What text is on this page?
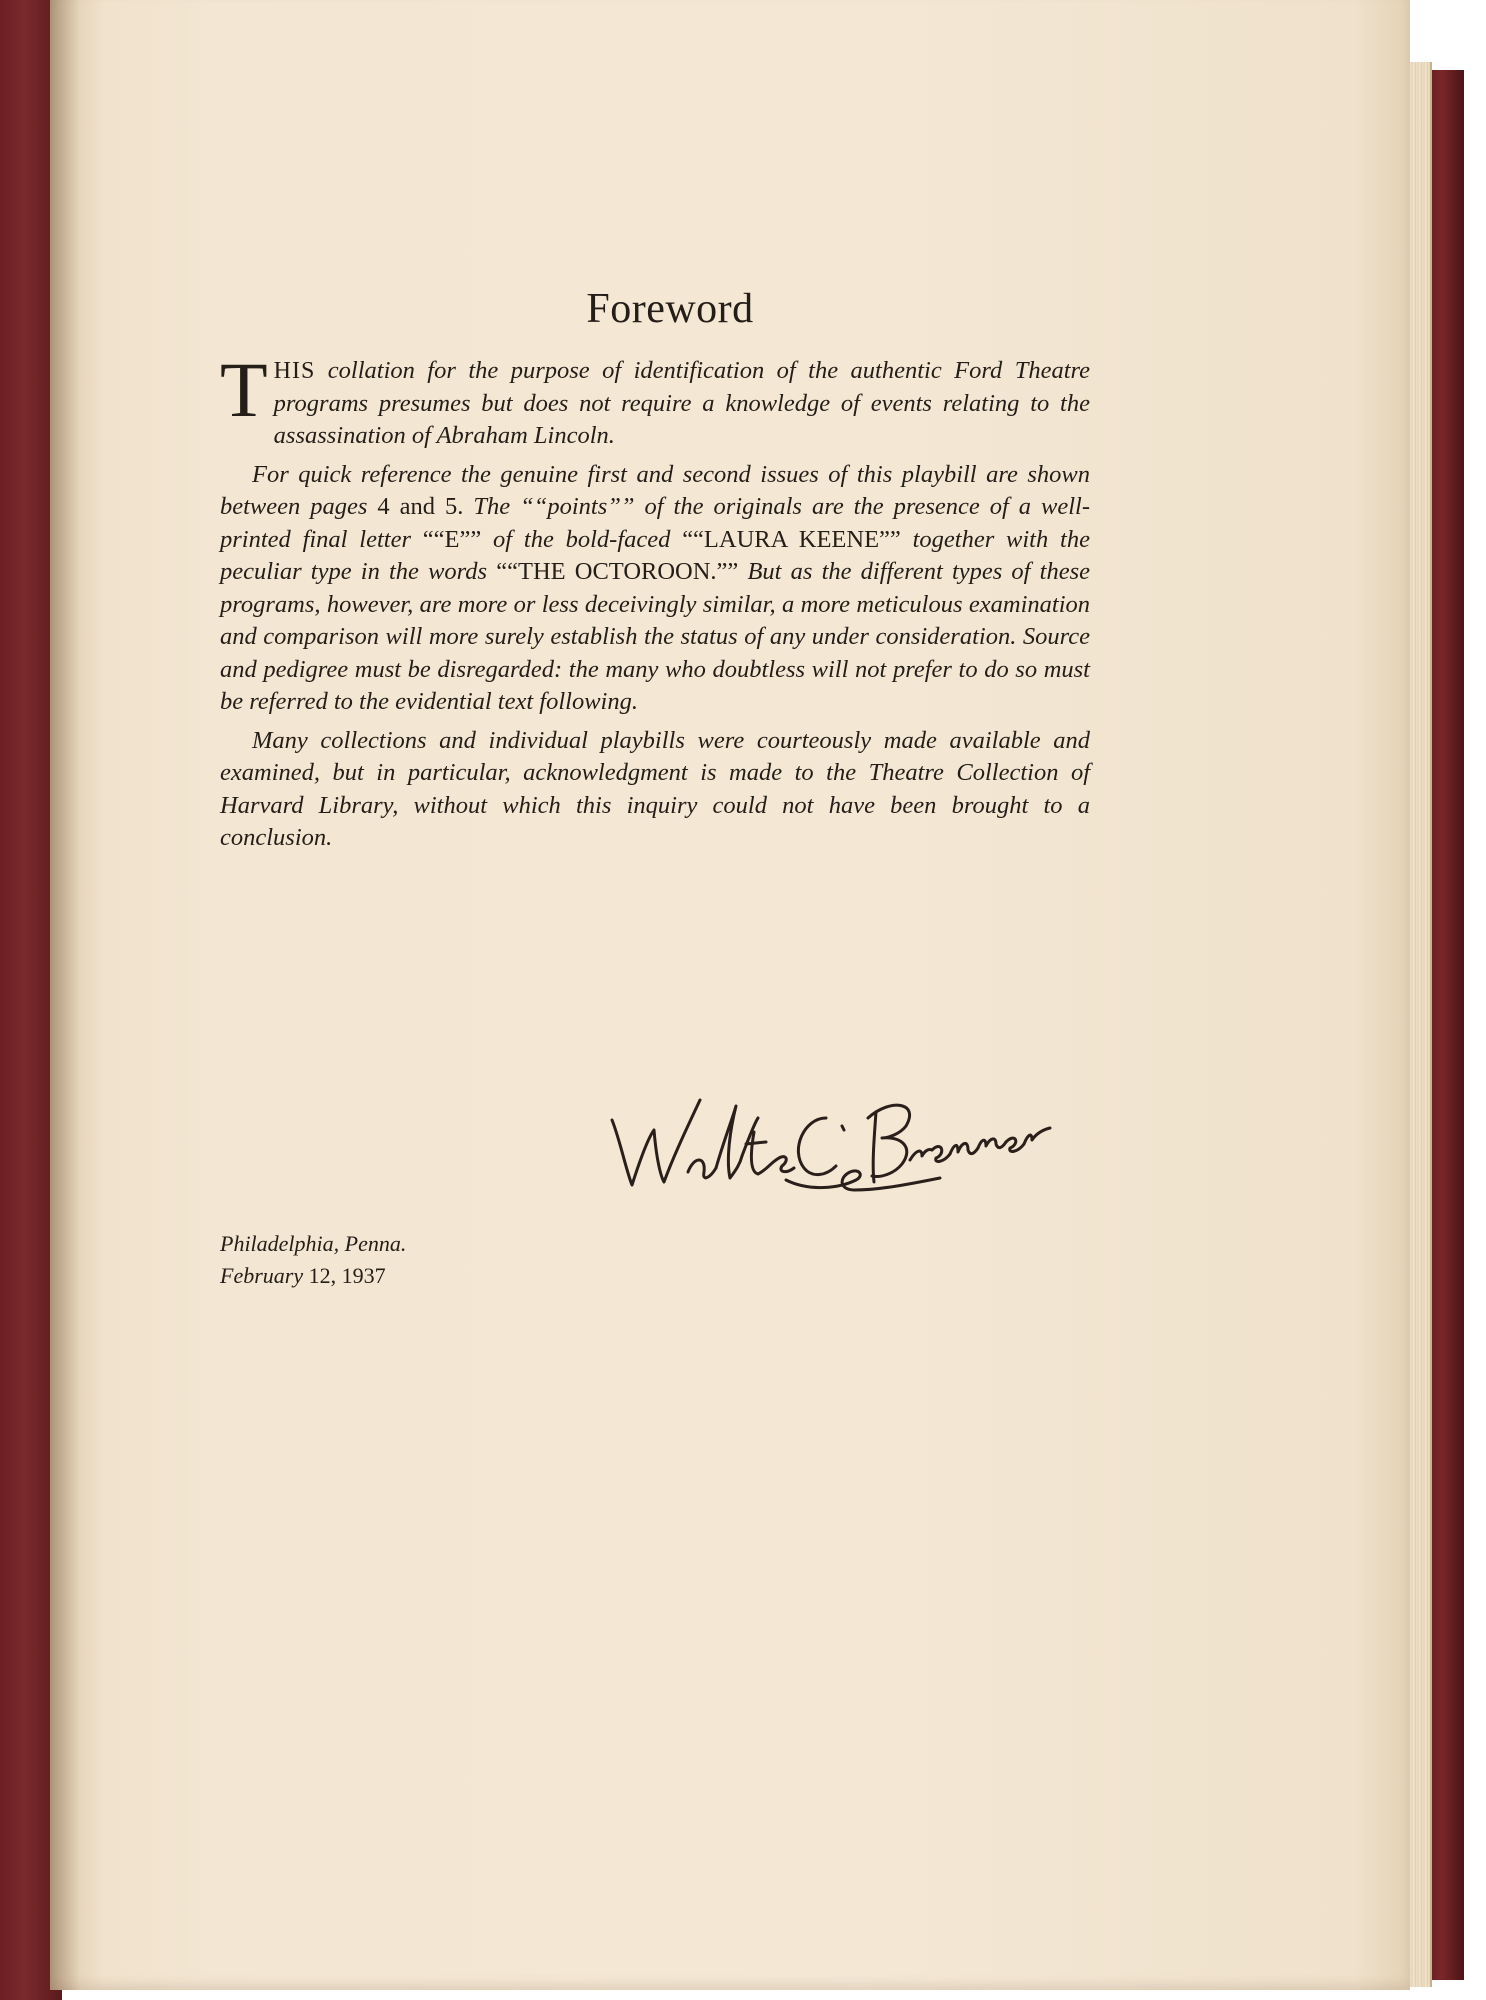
Foreword

THIS collation for the purpose of identification of the authentic Ford Theatre programs presumes but does not require a knowledge of events relating to the assassination of Abraham Lincoln.

For quick reference the genuine first and second issues of this playbill are shown between pages 4 and 5. The ““points”” of the originals are the presence of a well-printed final letter ““E”” of the bold-faced ““LAURA KEENE”” together with the peculiar type in the words ““THE OCTOROON.”” But as the different types of these programs, however, are more or less deceivingly similar, a more meticulous examination and comparison will more surely establish the status of any under consideration. Source and pedigree must be disregarded: the many who doubtless will not prefer to do so must be referred to the evidential text following.

Many collections and individual playbills were courteously made available and examined, but in particular, acknowledgment is made to the Theatre Collection of Harvard Library, without which this inquiry could not have been brought to a conclusion.

Philadelphia, Penna.
February 12, 1937
